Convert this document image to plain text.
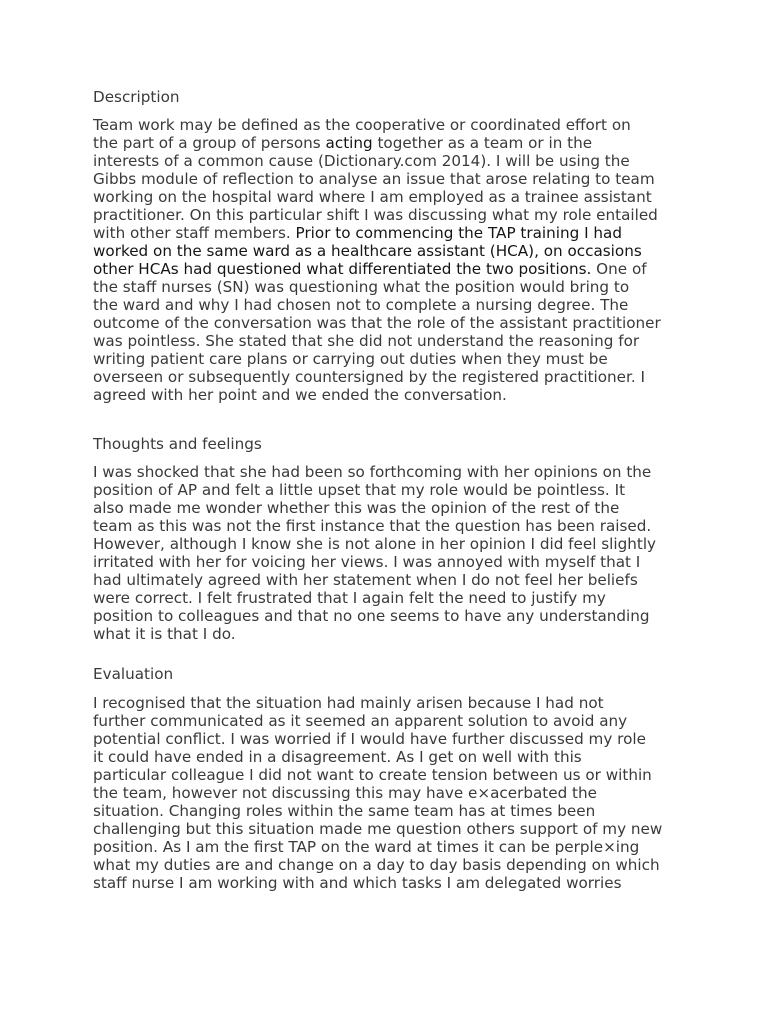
Description
Team work may be defined as the cooperative or coordinated effort on
the part of a group of persons acting together as a team or in the
interests of a common cause (Dictionary.com 2014). I will be using the
Gibbs module of reflection to analyse an issue that arose relating to team
working on the hospital ward where I am employed as a trainee assistant
practitioner. On this particular shift I was discussing what my role entailed
with other staff members. Prior to commencing the TAP training I had
worked on the same ward as a healthcare assistant (HCA), on occasions
other HCAs had questioned what differentiated the two positions. One of
the staff nurses (SN) was questioning what the position would bring to
the ward and why I had chosen not to complete a nursing degree. The
outcome of the conversation was that the role of the assistant practitioner
was pointless. She stated that she did not understand the reasoning for
writing patient care plans or carrying out duties when they must be
overseen or subsequently countersigned by the registered practitioner. I
agreed with her point and we ended the conversation.
Thoughts and feelings
I was shocked that she had been so forthcoming with her opinions on the
position of AP and felt a little upset that my role would be pointless. It
also made me wonder whether this was the opinion of the rest of the
team as this was not the first instance that the question has been raised.
However, although I know she is not alone in her opinion I did feel slightly
irritated with her for voicing her views. I was annoyed with myself that I
had ultimately agreed with her statement when I do not feel her beliefs
were correct. I felt frustrated that I again felt the need to justify my
position to colleagues and that no one seems to have any understanding
what it is that I do.
Evaluation
I recognised that the situation had mainly arisen because I had not
further communicated as it seemed an apparent solution to avoid any
potential conflict. I was worried if I would have further discussed my role
it could have ended in a disagreement. As I get on well with this
particular colleague I did not want to create tension between us or within
the team, however not discussing this may have e×acerbated the
situation. Changing roles within the same team has at times been
challenging but this situation made me question others support of my new
position. As I am the first TAP on the ward at times it can be perple×ing
what my duties are and change on a day to day basis depending on which
staff nurse I am working with and which tasks I am delegated worries
